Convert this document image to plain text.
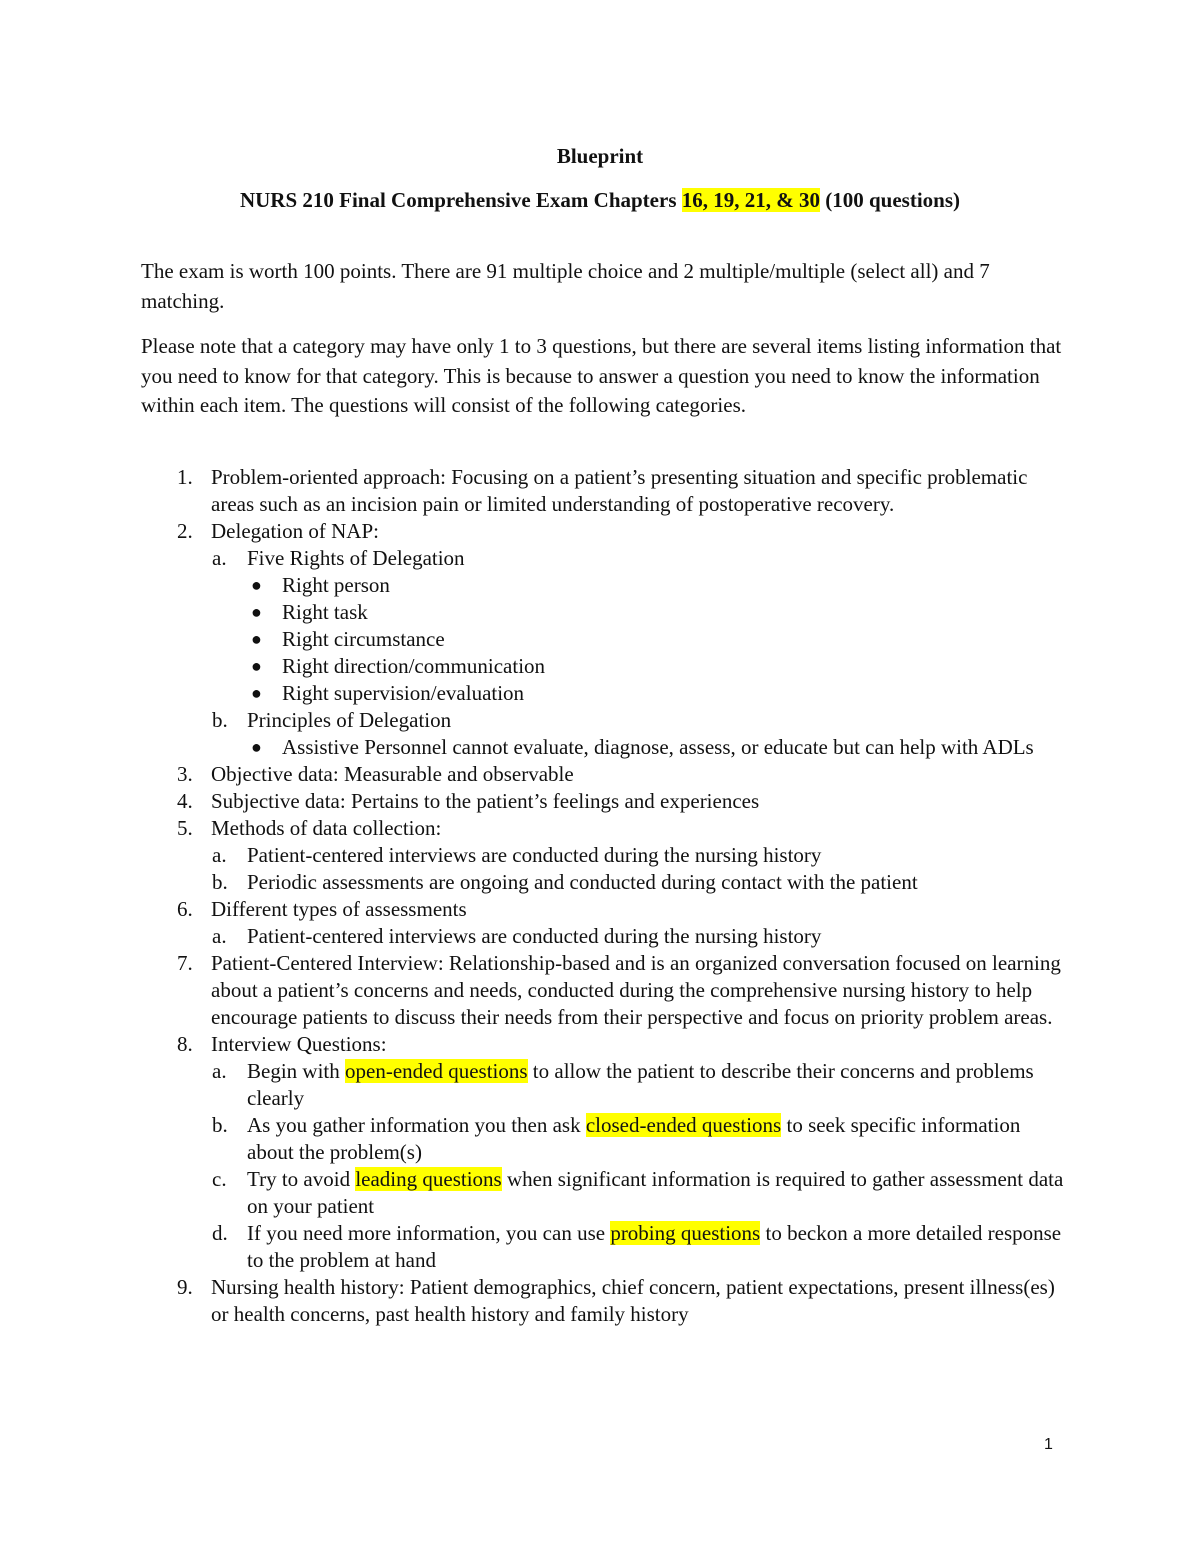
Blueprint
NURS 210 Final Comprehensive Exam Chapters 16, 19, 21, & 30 (100 questions)
The exam is worth 100 points. There are 91 multiple choice and 2 multiple/multiple (select all) and 7 matching.
Please note that a category may have only 1 to 3 questions, but there are several items listing information that you need to know for that category. This is because to answer a question you need to know the information within each item. The questions will consist of the following categories.
1. Problem-oriented approach: Focusing on a patient’s presenting situation and specific problematic areas such as an incision pain or limited understanding of postoperative recovery.
2. Delegation of NAP:
a. Five Rights of Delegation
● Right person
● Right task
● Right circumstance
● Right direction/communication
● Right supervision/evaluation
b. Principles of Delegation
● Assistive Personnel cannot evaluate, diagnose, assess, or educate but can help with ADLs
3. Objective data: Measurable and observable
4. Subjective data: Pertains to the patient’s feelings and experiences
5. Methods of data collection:
a. Patient-centered interviews are conducted during the nursing history
b. Periodic assessments are ongoing and conducted during contact with the patient
6. Different types of assessments
a. Patient-centered interviews are conducted during the nursing history
7. Patient-Centered Interview: Relationship-based and is an organized conversation focused on learning about a patient’s concerns and needs, conducted during the comprehensive nursing history to help encourage patients to discuss their needs from their perspective and focus on priority problem areas.
8. Interview Questions:
a. Begin with open-ended questions to allow the patient to describe their concerns and problems clearly
b. As you gather information you then ask closed-ended questions to seek specific information about the problem(s)
c. Try to avoid leading questions when significant information is required to gather assessment data on your patient
d. If you need more information, you can use probing questions to beckon a more detailed response to the problem at hand
9. Nursing health history: Patient demographics, chief concern, patient expectations, present illness(es) or health concerns, past health history and family history
1
